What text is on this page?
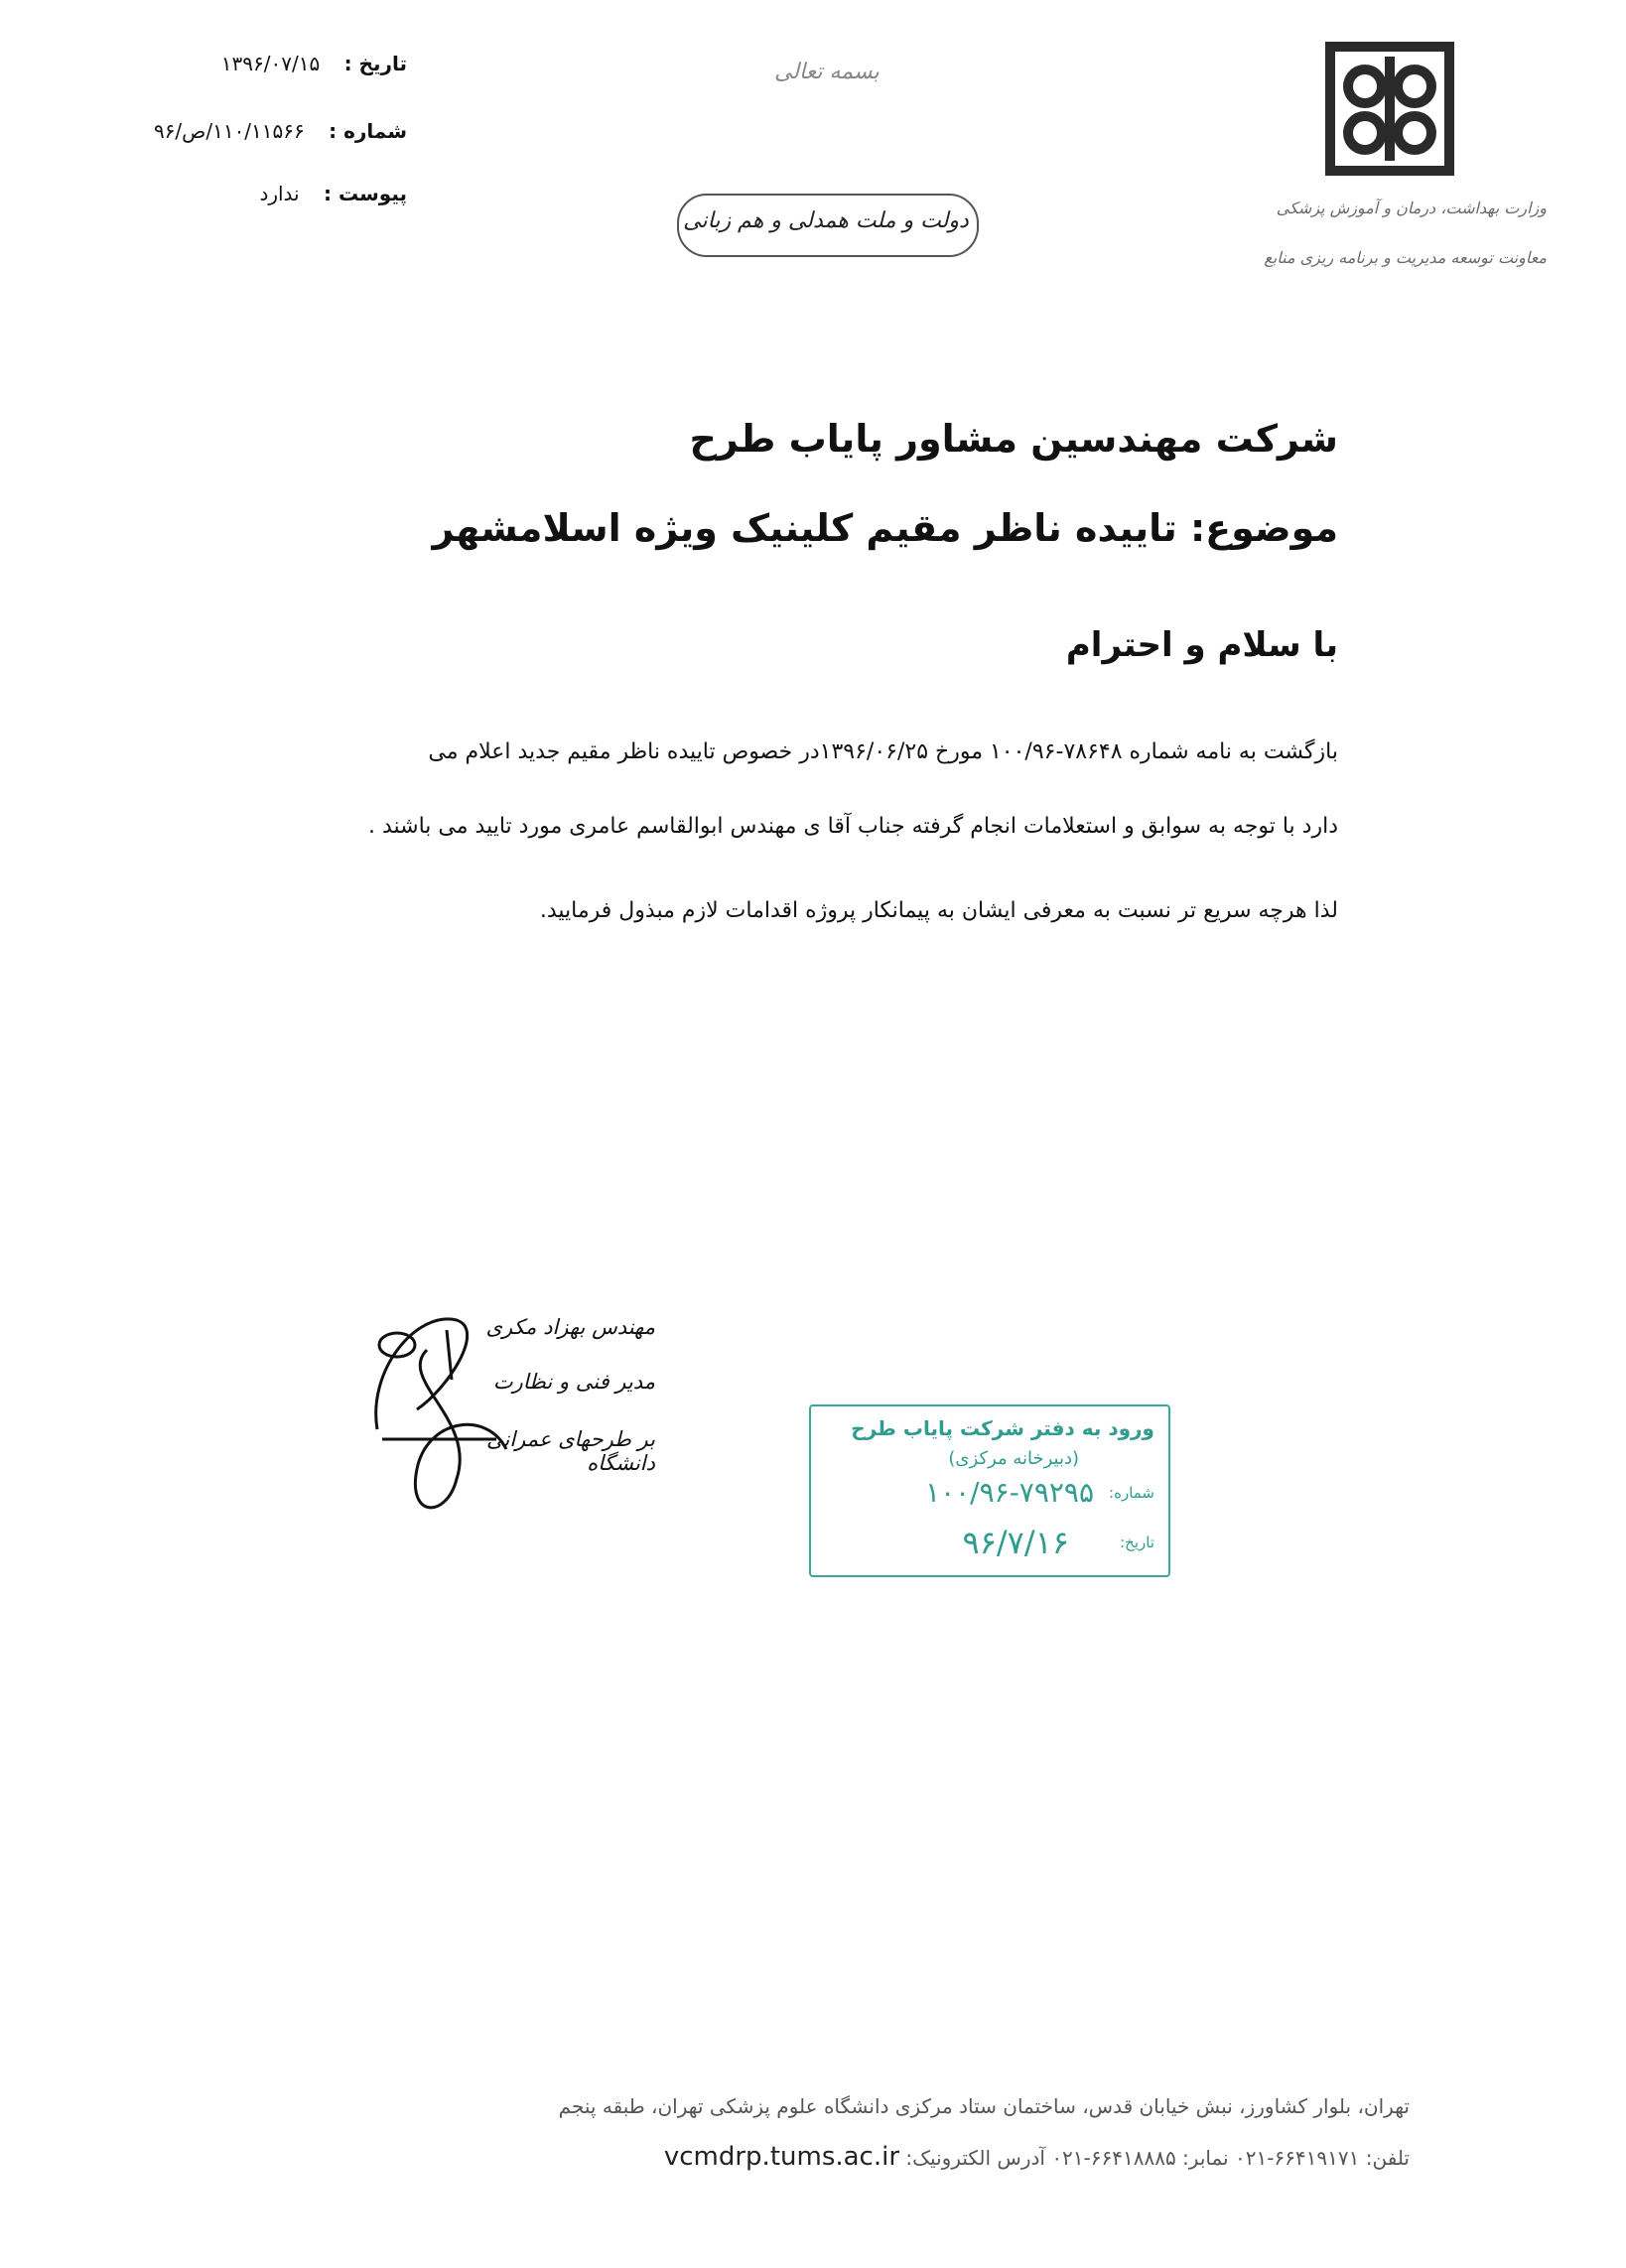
تاریخ : ۱۳۹۶/۰۷/۱۵
شماره : ۱۱۰/۱۱۵۶۶/ص/۹۶
پیوست : ندارد
بسمه تعالی
دولت و ملت همدلی و هم زبانی
وزارت بهداشت، درمان و آموزش پزشکی
معاونت توسعه مدیریت و برنامه ریزی منابع
شرکت مهندسین مشاور پایاب طرح
موضوع: تاییده ناظر مقیم کلینیک ویژه اسلامشهر
با سلام و احترام
بازگشت به نامه شماره ۷۸۶۴۸-۱۰۰/۹۶ مورخ ۱۳۹۶/۰۶/۲۵در خصوص تاییده ناظر مقیم جدید اعلام می
دارد با توجه به سوابق و استعلامات انجام گرفته جناب آقا ی مهندس ابوالقاسم عامری مورد تایید می باشند .
لذا هرچه سریع تر نسبت به معرفی ایشان به پیمانکار پروژه اقدامات لازم مبذول فرمایید.
مهندس بهزاد مکری
مدیر فنی و نظارت
بر طرحهای عمرانی دانشگاه
ورود به دفتر شرکت پایاب طرح
(دبیرخانه مرکزی)
شماره:
۱۰۰/۹۶-۷۹۲۹۵
تاریخ:
۹۶/۷/۱۶
تهران، بلوار کشاورز، نبش خیابان قدس، ساختمان ستاد مرکزی دانشگاه علوم پزشکی تهران، طبقه پنجم
تلفن: ۶۶۴۱۹۱۷۱-۰۲۱ نمابر: ۶۶۴۱۸۸۸۵-۰۲۱ آدرس الکترونیک: vcmdrp.tums.ac.ir
